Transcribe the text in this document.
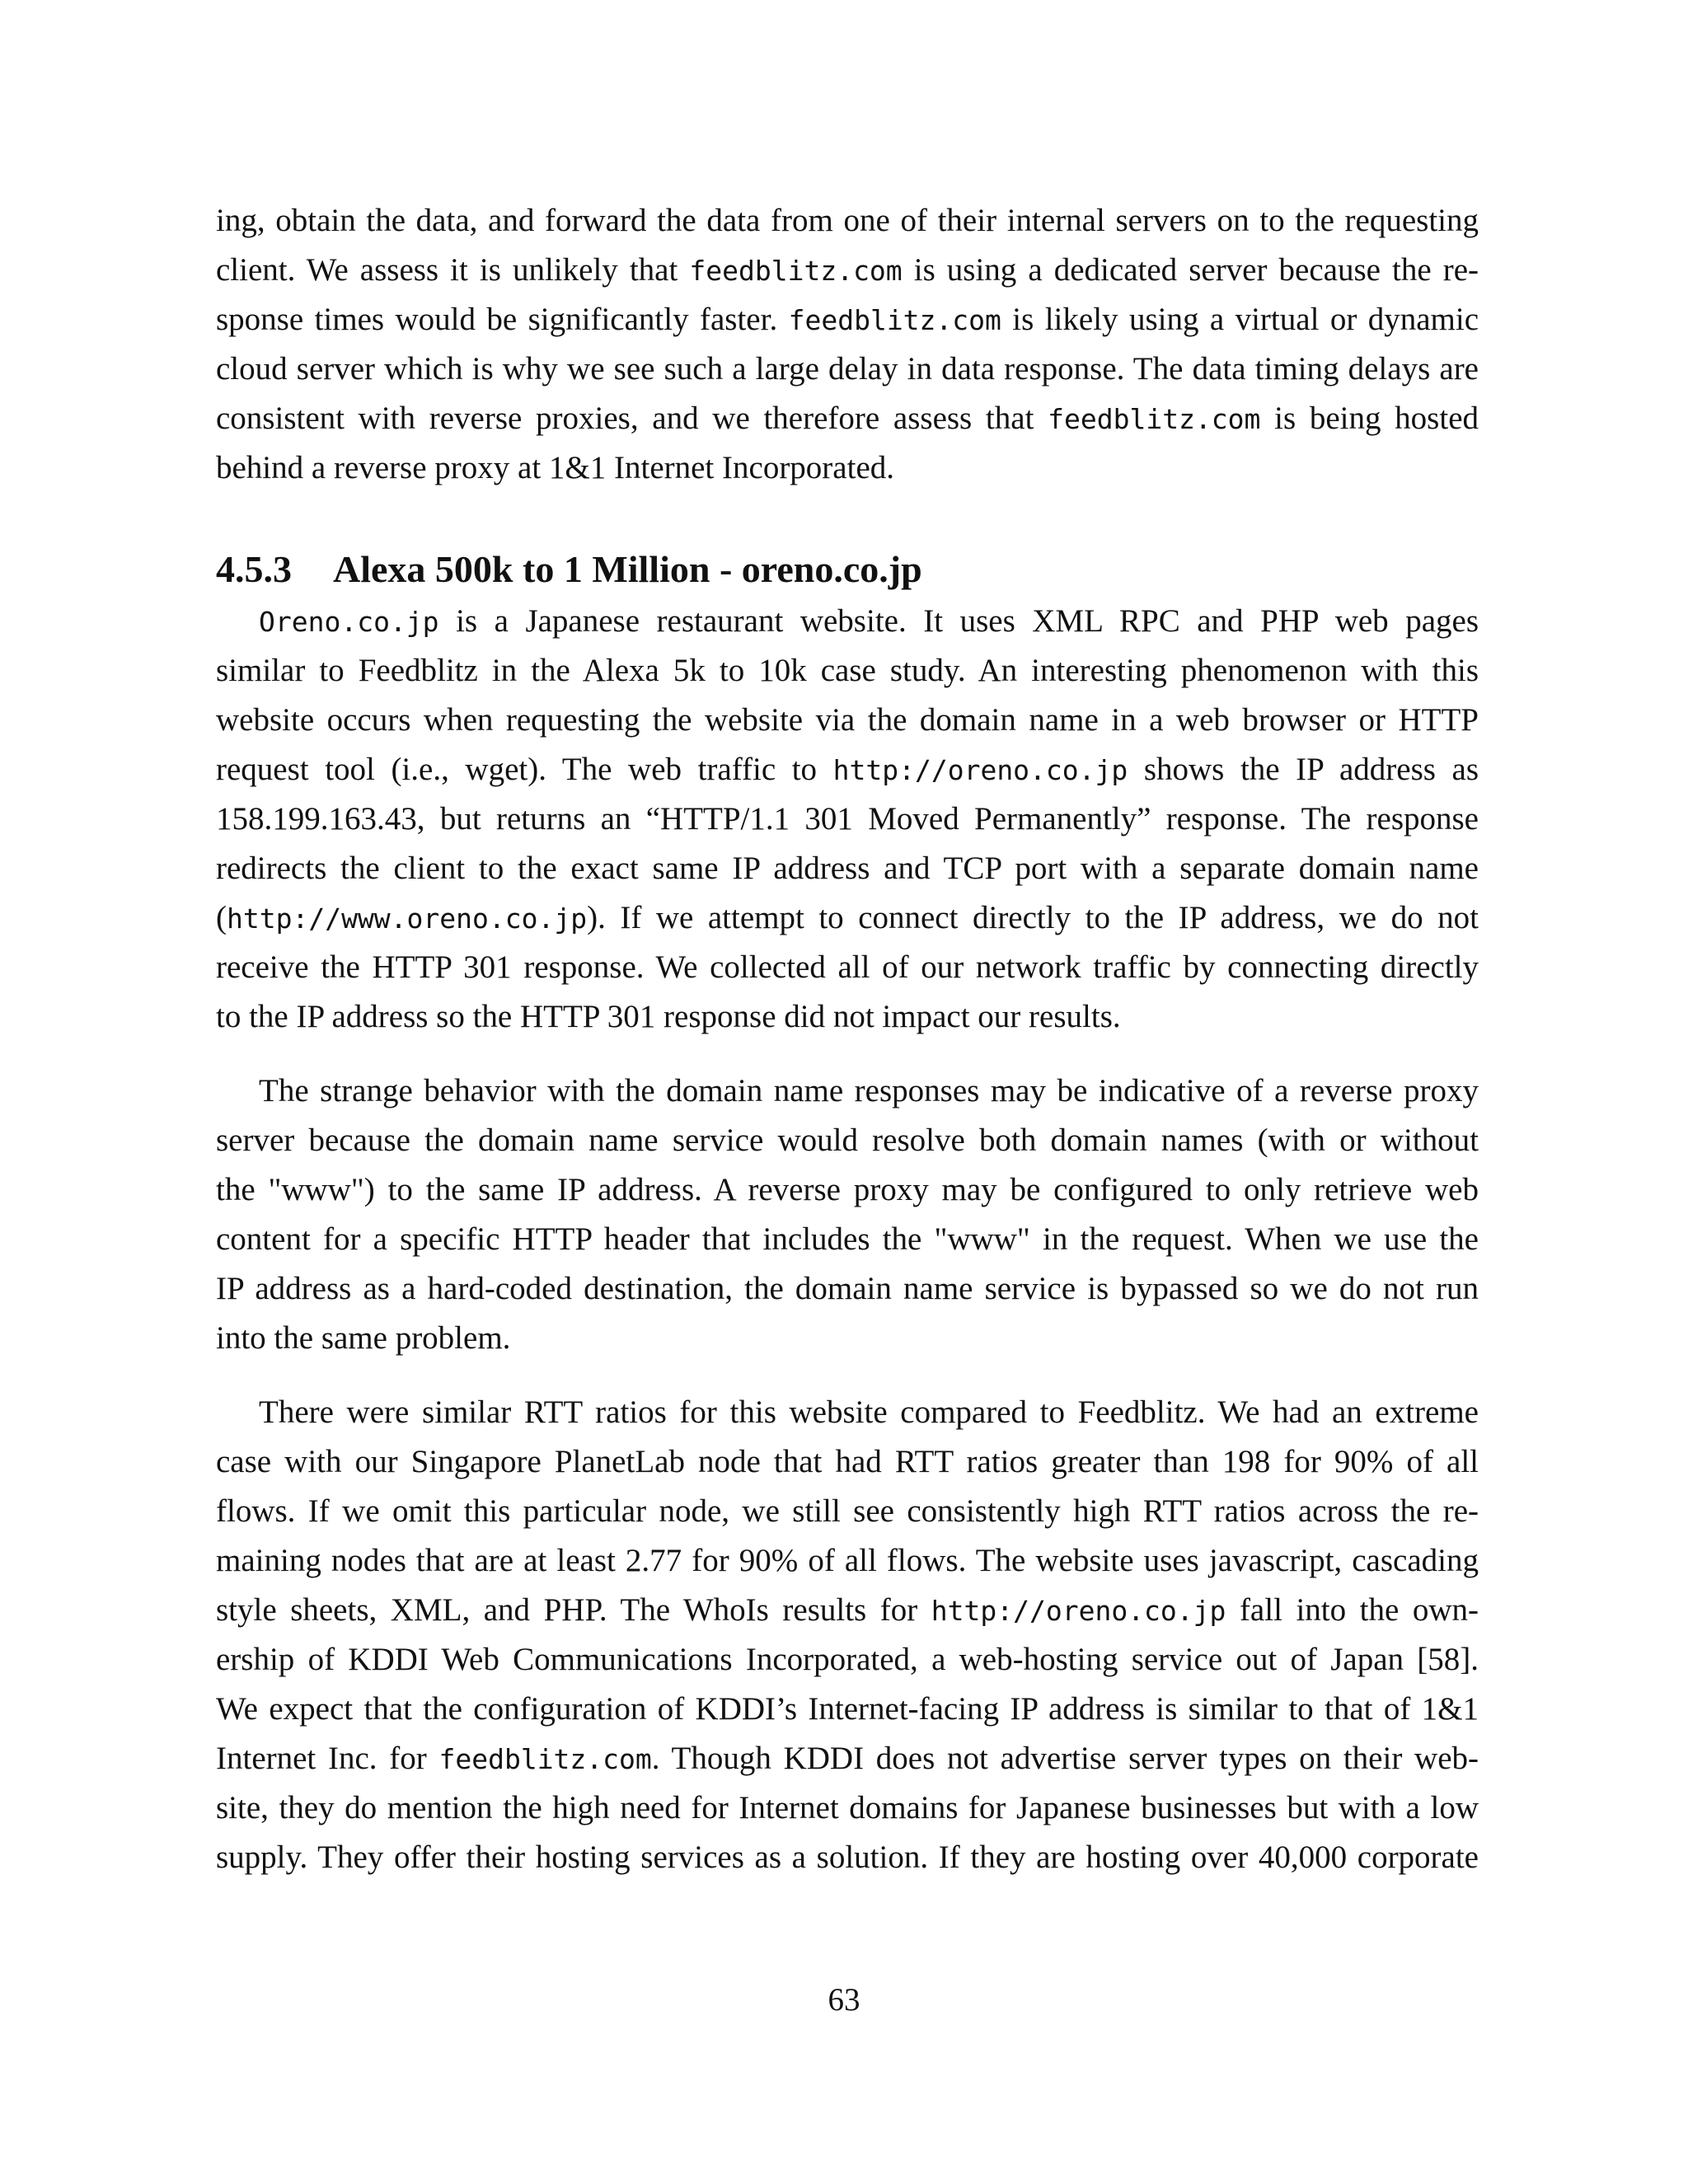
ing, obtain the data, and forward the data from one of their internal servers on to the requesting
client. We assess it is unlikely that feedblitz.com is using a dedicated server because the re-
sponse times would be significantly faster. feedblitz.com is likely using a virtual or dynamic
cloud server which is why we see such a large delay in data response. The data timing delays are
consistent with reverse proxies, and we therefore assess that feedblitz.com is being hosted
behind a reverse proxy at 1&1 Internet Incorporated.
4.5.3 Alexa 500k to 1 Million - oreno.co.jp
Oreno.co.jp is a Japanese restaurant website. It uses XML RPC and PHP web pages
similar to Feedblitz in the Alexa 5k to 10k case study. An interesting phenomenon with this
website occurs when requesting the website via the domain name in a web browser or HTTP
request tool (i.e., wget). The web traffic to http://oreno.co.jp shows the IP address as
158.199.163.43, but returns an “HTTP/1.1 301 Moved Permanently” response. The response
redirects the client to the exact same IP address and TCP port with a separate domain name
(http://www.oreno.co.jp). If we attempt to connect directly to the IP address, we do not
receive the HTTP 301 response. We collected all of our network traffic by connecting directly
to the IP address so the HTTP 301 response did not impact our results.
The strange behavior with the domain name responses may be indicative of a reverse proxy
server because the domain name service would resolve both domain names (with or without
the "www") to the same IP address. A reverse proxy may be configured to only retrieve web
content for a specific HTTP header that includes the "www" in the request. When we use the
IP address as a hard-coded destination, the domain name service is bypassed so we do not run
into the same problem.
There were similar RTT ratios for this website compared to Feedblitz. We had an extreme
case with our Singapore PlanetLab node that had RTT ratios greater than 198 for 90% of all
flows. If we omit this particular node, we still see consistently high RTT ratios across the re-
maining nodes that are at least 2.77 for 90% of all flows. The website uses javascript, cascading
style sheets, XML, and PHP. The WhoIs results for http://oreno.co.jp fall into the own-
ership of KDDI Web Communications Incorporated, a web-hosting service out of Japan [58].
We expect that the configuration of KDDI’s Internet-facing IP address is similar to that of 1&1
Internet Inc. for feedblitz.com. Though KDDI does not advertise server types on their web-
site, they do mention the high need for Internet domains for Japanese businesses but with a low
supply. They offer their hosting services as a solution. If they are hosting over 40,000 corporate
63
